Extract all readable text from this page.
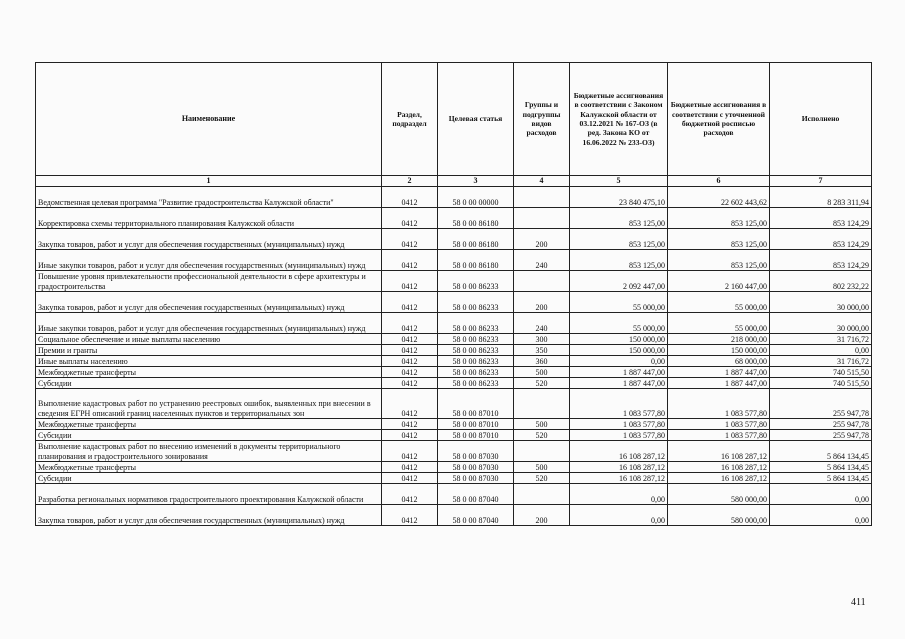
Наименование	Раздел, подраздел	Целевая статья	Группы и подгруппы видов расходов	Бюджетные ассигнования в соответствии с Законом Калужской области от 03.12.2021 № 167-ОЗ (в ред. Закона КО от 16.06.2022 № 233-ОЗ)	Бюджетные ассигнования в соответствии с уточненной бюджетной росписью расходов	Исполнено
1	2	3	4	5	6	7
Ведомственная целевая программа "Развитие градостроительства Калужской области"	0412	58 0 00 00000		23 840 475,10	22 602 443,62	8 283 311,94
Корректировка схемы территориального планирования Калужской области	0412	58 0 00 86180		853 125,00	853 125,00	853 124,29
Закупка товаров, работ и услуг для обеспечения государственных (муниципальных) нужд	0412	58 0 00 86180	200	853 125,00	853 125,00	853 124,29
Иные закупки товаров, работ и услуг для обеспечения государственных (муниципальных) нужд	0412	58 0 00 86180	240	853 125,00	853 125,00	853 124,29
Повышение уровня привлекательности профессиональной деятельности в сфере архитектуры и градостроительства	0412	58 0 00 86233		2 092 447,00	2 160 447,00	802 232,22
Закупка товаров, работ и услуг для обеспечения государственных (муниципальных) нужд	0412	58 0 00 86233	200	55 000,00	55 000,00	30 000,00
Иные закупки товаров, работ и услуг для обеспечения государственных (муниципальных) нужд	0412	58 0 00 86233	240	55 000,00	55 000,00	30 000,00
Социальное обеспечение и иные выплаты населению	0412	58 0 00 86233	300	150 000,00	218 000,00	31 716,72
Премии и гранты	0412	58 0 00 86233	350	150 000,00	150 000,00	0,00
Иные выплаты населению	0412	58 0 00 86233	360	0,00	68 000,00	31 716,72
Межбюджетные трансферты	0412	58 0 00 86233	500	1 887 447,00	1 887 447,00	740 515,50
Субсидии	0412	58 0 00 86233	520	1 887 447,00	1 887 447,00	740 515,50
Выполнение кадастровых работ по устранению реестровых ошибок, выявленных при внесении в сведения ЕГРН описаний границ населенных пунктов и территориальных зон	0412	58 0 00 87010		1 083 577,80	1 083 577,80	255 947,78
Межбюджетные трансферты	0412	58 0 00 87010	500	1 083 577,80	1 083 577,80	255 947,78
Субсидии	0412	58 0 00 87010	520	1 083 577,80	1 083 577,80	255 947,78
Выполнение кадастровых работ по внесению изменений в документы территориального планирования и градостроительного зонирования	0412	58 0 00 87030		16 108 287,12	16 108 287,12	5 864 134,45
Межбюджетные трансферты	0412	58 0 00 87030	500	16 108 287,12	16 108 287,12	5 864 134,45
Субсидии	0412	58 0 00 87030	520	16 108 287,12	16 108 287,12	5 864 134,45
Разработка региональных нормативов градостроительного проектирования Калужской области	0412	58 0 00 87040		0,00	580 000,00	0,00
Закупка товаров, работ и услуг для обеспечения государственных (муниципальных) нужд	0412	58 0 00 87040	200	0,00	580 000,00	0,00
411
